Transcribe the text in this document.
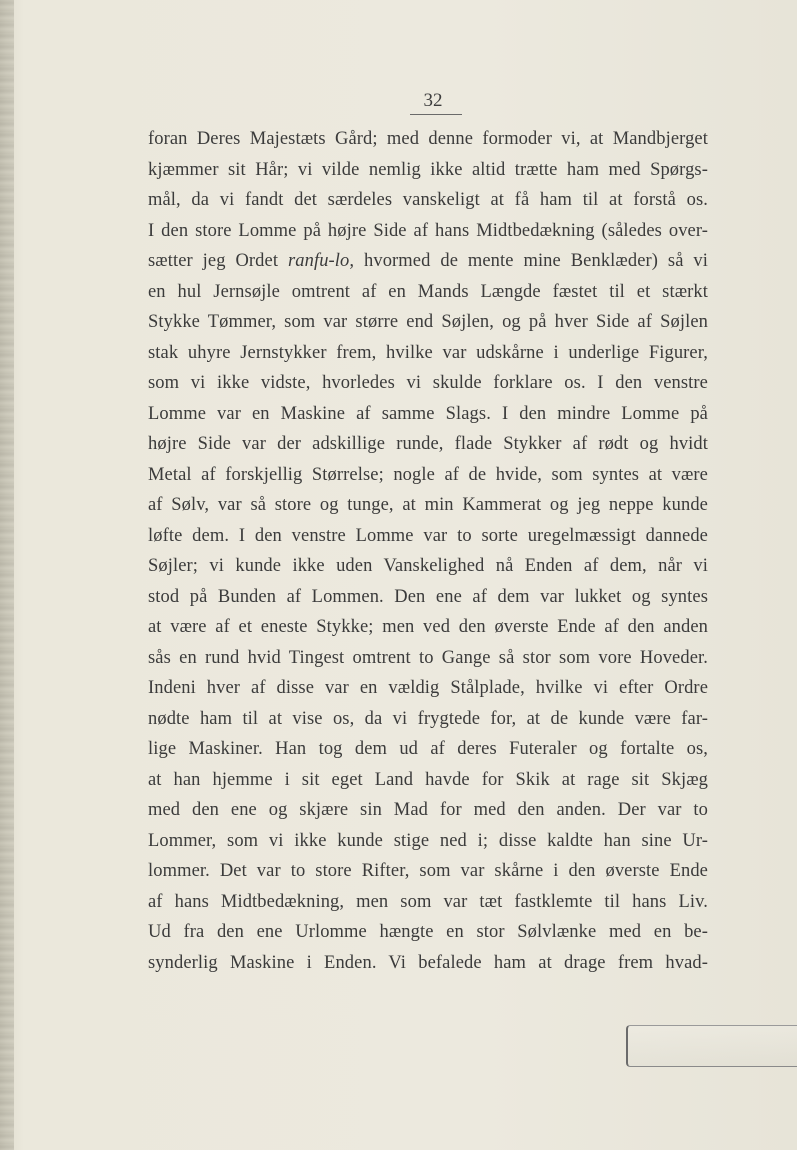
32
foran Deres Majestæts Gård; med denne formoder vi, at Mandbjerget
kjæmmer sit Hår; vi vilde nemlig ikke altid trætte ham med Spørgs-
mål, da vi fandt det særdeles vanskeligt at få ham til at forstå os.
I den store Lomme på højre Side af hans Midtbedækning (således over-
sætter jeg Ordet ranfu-lo, hvormed de mente mine Benklæder) så vi
en hul Jernsøjle omtrent af en Mands Længde fæstet til et stærkt
Stykke Tømmer, som var større end Søjlen, og på hver Side af Søjlen
stak uhyre Jernstykker frem, hvilke var udskårne i underlige Figurer,
som vi ikke vidste, hvorledes vi skulde forklare os. I den venstre
Lomme var en Maskine af samme Slags. I den mindre Lomme på
højre Side var der adskillige runde, flade Stykker af rødt og hvidt
Metal af forskjellig Størrelse; nogle af de hvide, som syntes at være
af Sølv, var så store og tunge, at min Kammerat og jeg neppe kunde
løfte dem. I den venstre Lomme var to sorte uregelmæssigt dannede
Søjler; vi kunde ikke uden Vanskelighed nå Enden af dem, når vi
stod på Bunden af Lommen. Den ene af dem var lukket og syntes
at være af et eneste Stykke; men ved den øverste Ende af den anden
sås en rund hvid Tingest omtrent to Gange så stor som vore Hoveder.
Indeni hver af disse var en vældig Stålplade, hvilke vi efter Ordre
nødte ham til at vise os, da vi frygtede for, at de kunde være far-
lige Maskiner. Han tog dem ud af deres Futeraler og fortalte os,
at han hjemme i sit eget Land havde for Skik at rage sit Skjæg
med den ene og skjære sin Mad for med den anden. Der var to
Lommer, som vi ikke kunde stige ned i; disse kaldte han sine Ur-
lommer. Det var to store Rifter, som var skårne i den øverste Ende
af hans Midtbedækning, men som var tæt fastklemte til hans Liv.
Ud fra den ene Urlomme hængte en stor Sølvlænke med en be-
synderlig Maskine i Enden. Vi befalede ham at drage frem hvad-
